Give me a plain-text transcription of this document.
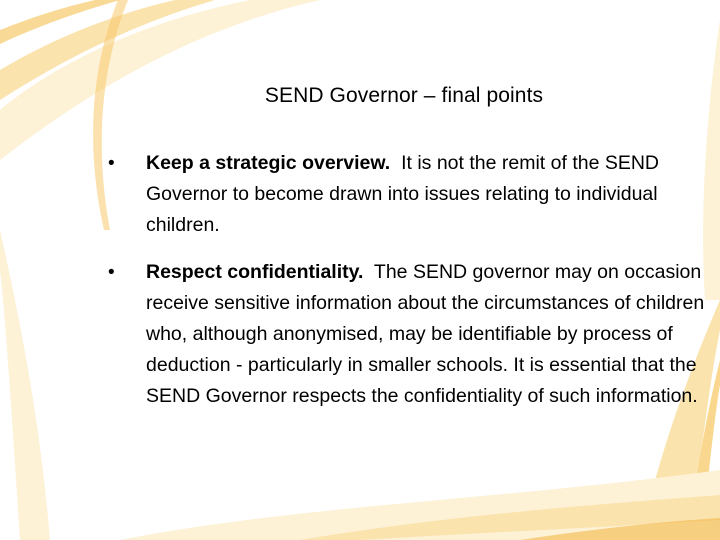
SEND Governor – final points
•	Keep a strategic overview. It is not the remit of the SEND Governor to become drawn into issues relating to individual children.
•	Respect confidentiality. The SEND governor may on occasion receive sensitive information about the circumstances of children who, although anonymised, may be identifiable by process of deduction - particularly in smaller schools. It is essential that the SEND Governor respects the confidentiality of such information.
